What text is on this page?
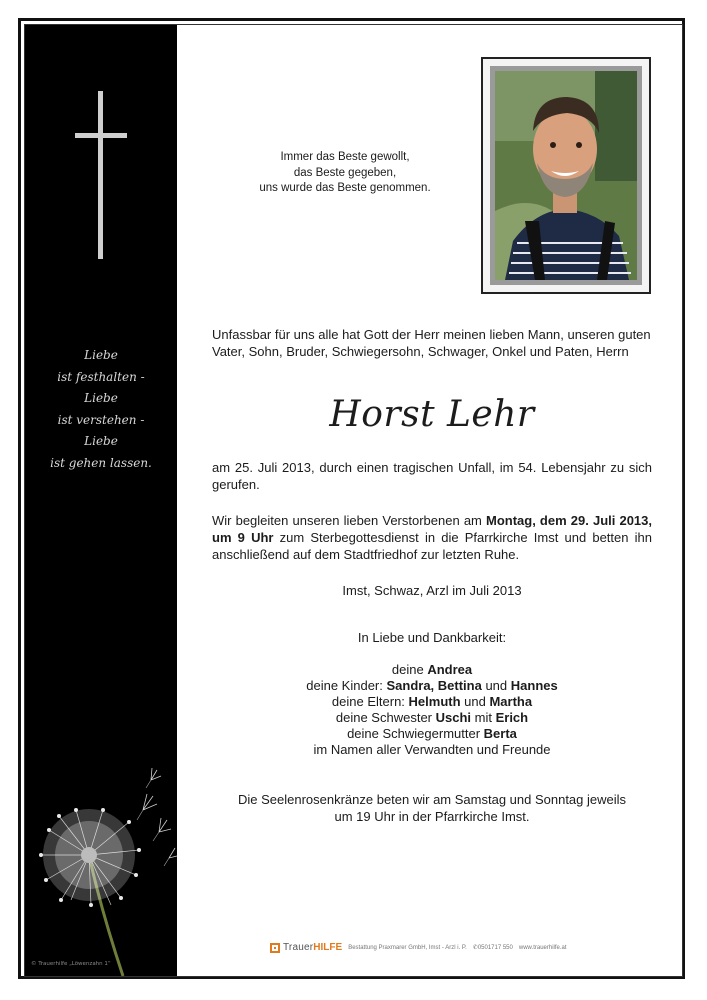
Liebe
ist festhalten -
Liebe
ist verstehen -
Liebe
ist gehen lassen.
© Trauerhilfe „Löwenzahn 1“
Immer das Beste gewollt,
das Beste gegeben,
uns wurde das Beste genommen.
Unfassbar für uns alle hat Gott der Herr meinen lieben Mann, unseren guten Vater, Sohn, Bruder, Schwiegersohn, Schwager, Onkel und Paten, Herrn
Horst Lehr
am 25. Juli 2013, durch einen tragischen Unfall, im 54. Lebensjahr zu sich gerufen.
Wir begleiten unseren lieben Verstorbenen am Montag, dem 29. Juli 2013, um 9 Uhr zum Sterbegottesdienst in die Pfarrkirche Imst und betten ihn anschließend auf dem Stadtfriedhof zur letzten Ruhe.
Imst, Schwaz, Arzl im Juli 2013
In Liebe und Dankbarkeit:
deine Andrea
deine Kinder: Sandra, Bettina und Hannes
deine Eltern: Helmuth und Martha
deine Schwester Uschi mit Erich
deine Schwiegermutter Berta
im Namen aller Verwandten und Freunde
Die Seelenrosenkränze beten wir am Samstag und Sonntag jeweils
um 19 Uhr in der Pfarrkirche Imst.
Trauer HILFE Bestattung Praxmarer GmbH, Imst - Arzl i. P. ✆ 0501717 550 www.trauerhilfe.at
